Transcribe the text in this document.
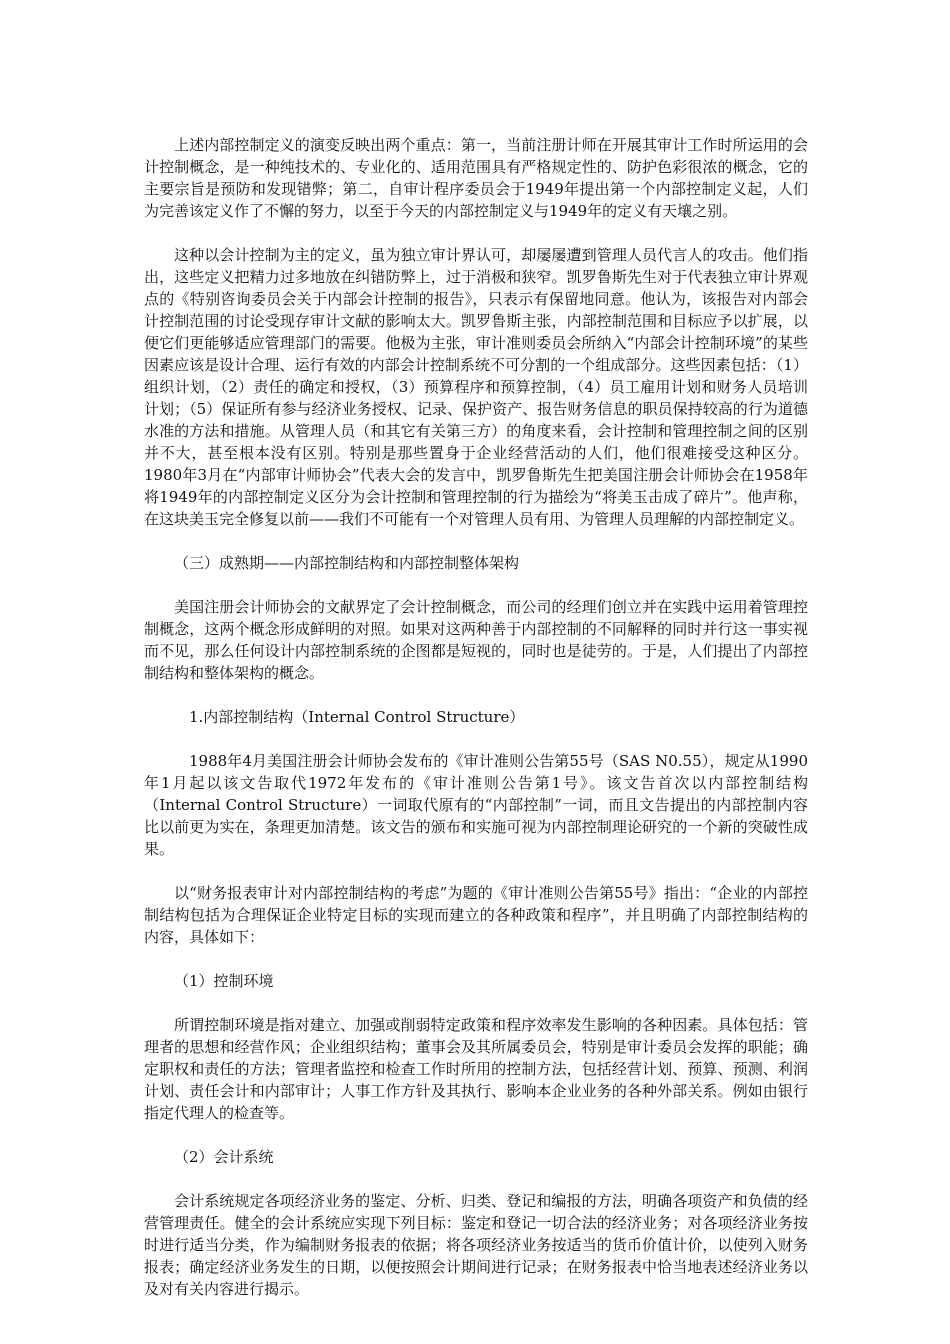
上述内部控制定义的演变反映出两个重点：第一，当前注册计师在开展其审计工作时所运用的会计控制概念，是一种纯技术的、专业化的、适用范围具有严格规定性的、防护色彩很浓的概念，它的主要宗旨是预防和发现错弊；第二，自审计程序委员会于1949年提出第一个内部控制定义起，人们为完善该定义作了不懈的努力，以至于今天的内部控制定义与1949年的定义有天壤之别。

这种以会计控制为主的定义，虽为独立审计界认可，却屡屡遭到管理人员代言人的攻击。他们指出，这些定义把精力过多地放在纠错防弊上，过于消极和狭窄。凯罗鲁斯先生对于代表独立审计界观点的《特别咨询委员会关于内部会计控制的报告》，只表示有保留地同意。他认为，该报告对内部会计控制范围的讨论受现存审计文献的影响太大。凯罗鲁斯主张，内部控制范围和目标应予以扩展，以便它们更能够适应管理部门的需要。他极为主张，审计准则委员会所纳入“内部会计控制环境”的某些因素应该是设计合理、运行有效的内部会计控制系统不可分割的一个组成部分。这些因素包括：（1）组织计划，（2）责任的确定和授权，（3）预算程序和预算控制，（4）员工雇用计划和财务人员培训计划；（5）保证所有参与经济业务授权、记录、保护资产、报告财务信息的职员保持较高的行为道德水准的方法和措施。从管理人员（和其它有关第三方）的角度来看，会计控制和管理控制之间的区别并不大，甚至根本没有区别。特别是那些置身于企业经营活动的人们，他们很难接受这种区分。1980年3月在“内部审计师协会”代表大会的发言中，凯罗鲁斯先生把美国注册会计师协会在1958年将1949年的内部控制定义区分为会计控制和管理控制的行为描绘为“将美玉击成了碎片”。他声称，在这块美玉完全修复以前——我们不可能有一个对管理人员有用、为管理人员理解的内部控制定义。

（三）成熟期——内部控制结构和内部控制整体架构

美国注册会计师协会的文献界定了会计控制概念，而公司的经理们创立并在实践中运用着管理控制概念，这两个概念形成鲜明的对照。如果对这两种善于内部控制的不同解释的同时并行这一事实视而不见，那么任何设计内部控制系统的企图都是短视的，同时也是徒劳的。于是，人们提出了内部控制结构和整体架构的概念。

1.内部控制结构（Internal Control Structure）

1988年4月美国注册会计师协会发布的《审计准则公告第55号（SAS N0.55），规定从1990年1月起以该文告取代1972年发布的《审计准则公告第1号》。该文告首次以内部控制结构（Internal Control Structure）一词取代原有的“内部控制”一词，而且文告提出的内部控制内容比以前更为实在，条理更加清楚。该文告的颁布和实施可视为内部控制理论研究的一个新的突破性成果。

以“财务报表审计对内部控制结构的考虑”为题的《审计准则公告第55号》指出：“企业的内部控制结构包括为合理保证企业特定目标的实现而建立的各种政策和程序”，并且明确了内部控制结构的内容，具体如下：

（1）控制环境

所谓控制环境是指对建立、加强或削弱特定政策和程序效率发生影响的各种因素。具体包括：管理者的思想和经营作风；企业组织结构；董事会及其所属委员会，特别是审计委员会发挥的职能；确定职权和责任的方法；管理者监控和检查工作时所用的控制方法，包括经营计划、预算、预测、利润计划、责任会计和内部审计；人事工作方针及其执行、影响本企业业务的各种外部关系。例如由银行指定代理人的检查等。

（2）会计系统

会计系统规定各项经济业务的鉴定、分析、归类、登记和编报的方法，明确各项资产和负债的经营管理责任。健全的会计系统应实现下列目标：鉴定和登记一切合法的经济业务；对各项经济业务按时进行适当分类，作为编制财务报表的依据；将各项经济业务按适当的货币价值计价，以使列入财务报表；确定经济业务发生的日期，以便按照会计期间进行记录；在财务报表中恰当地表述经济业务以及对有关内容进行揭示。
